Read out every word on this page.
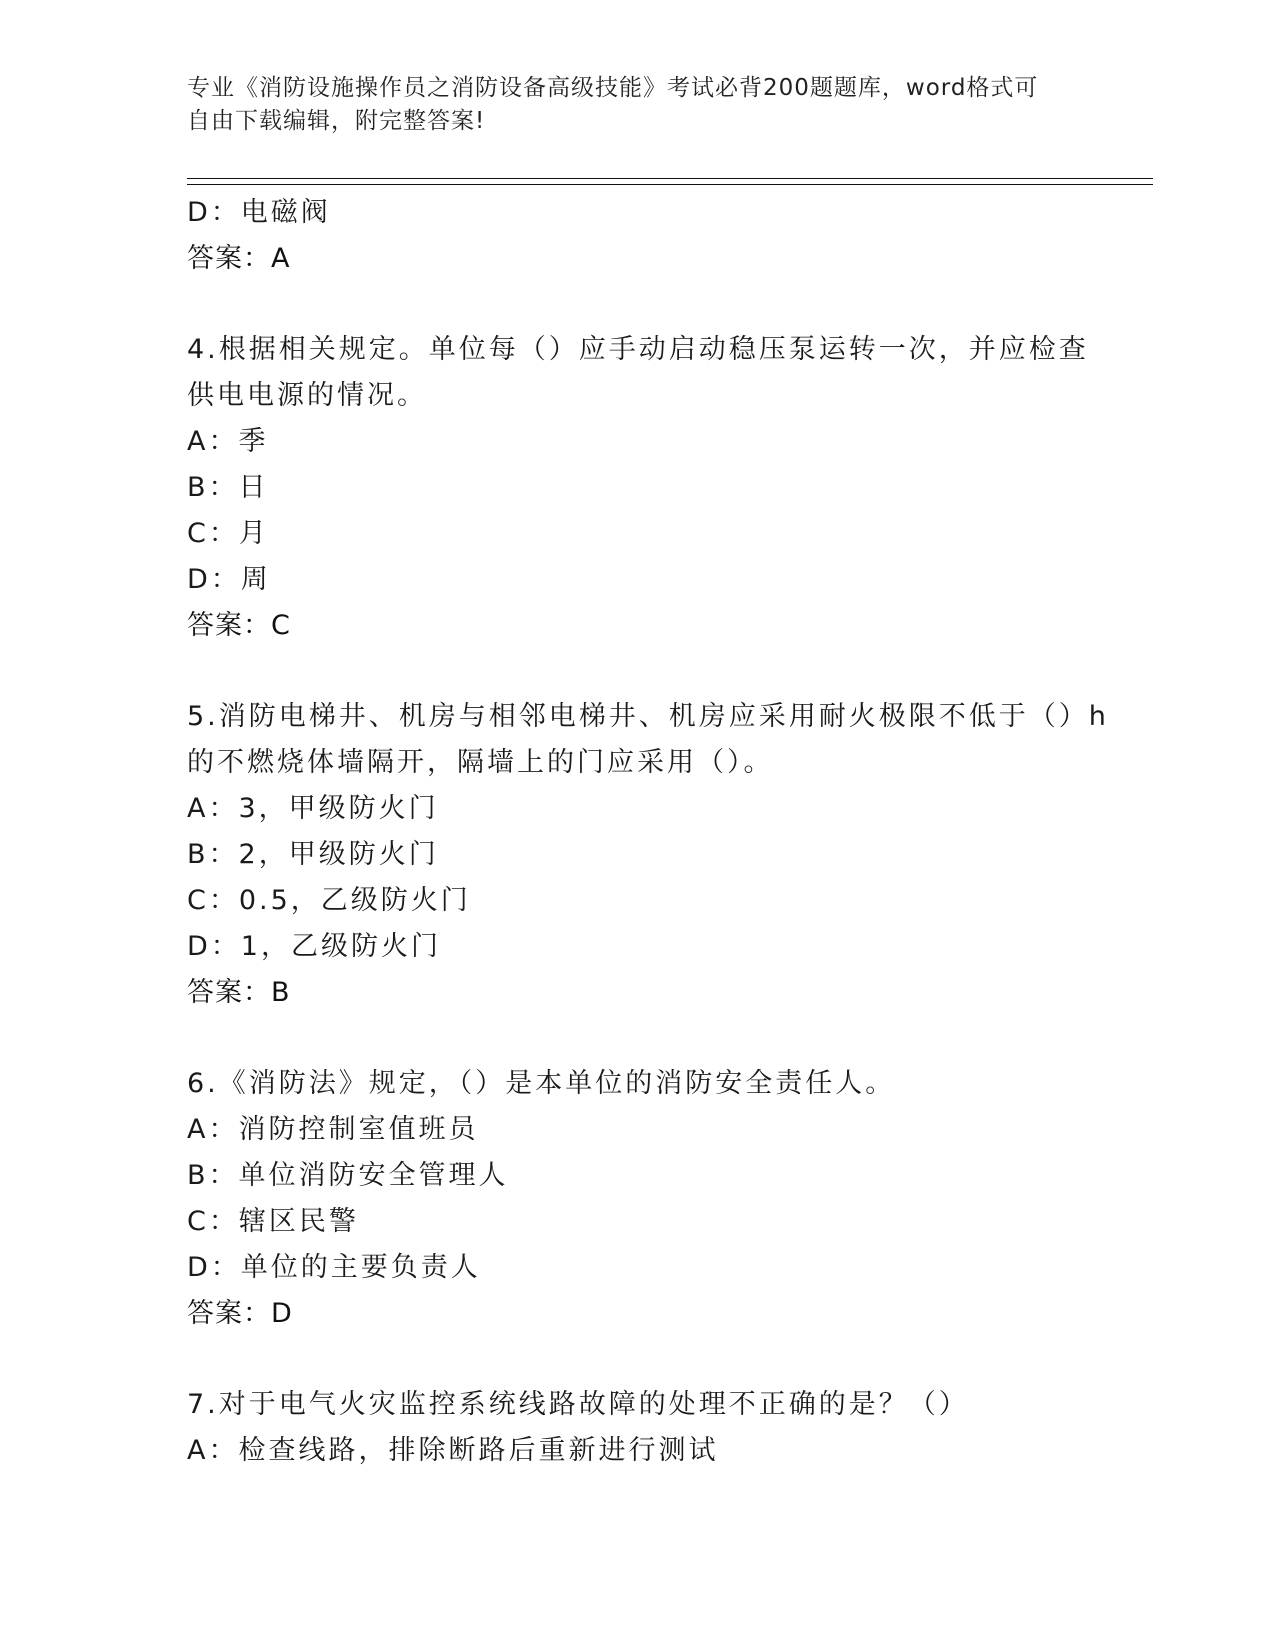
专业《消防设施操作员之消防设备高级技能》考试必背200题题库，word格式可
自由下载编辑，附完整答案!
D：电磁阀
答案：A
4.根据相关规定。单位每（）应手动启动稳压泵运转一次，并应检查
供电电源的情况。
A：季
B：日
C：月
D：周
答案：C
5.消防电梯井、机房与相邻电梯井、机房应采用耐火极限不低于（）h
的不燃烧体墙隔开，隔墙上的门应采用（）。
A：3，甲级防火门
B：2，甲级防火门
C：0.5，乙级防火门
D：1，乙级防火门
答案：B
6.《消防法》规定，（）是本单位的消防安全责任人。
A：消防控制室值班员
B：单位消防安全管理人
C：辖区民警
D：单位的主要负责人
答案：D
7.对于电气火灾监控系统线路故障的处理不正确的是？（）
A：检查线路，排除断路后重新进行测试
